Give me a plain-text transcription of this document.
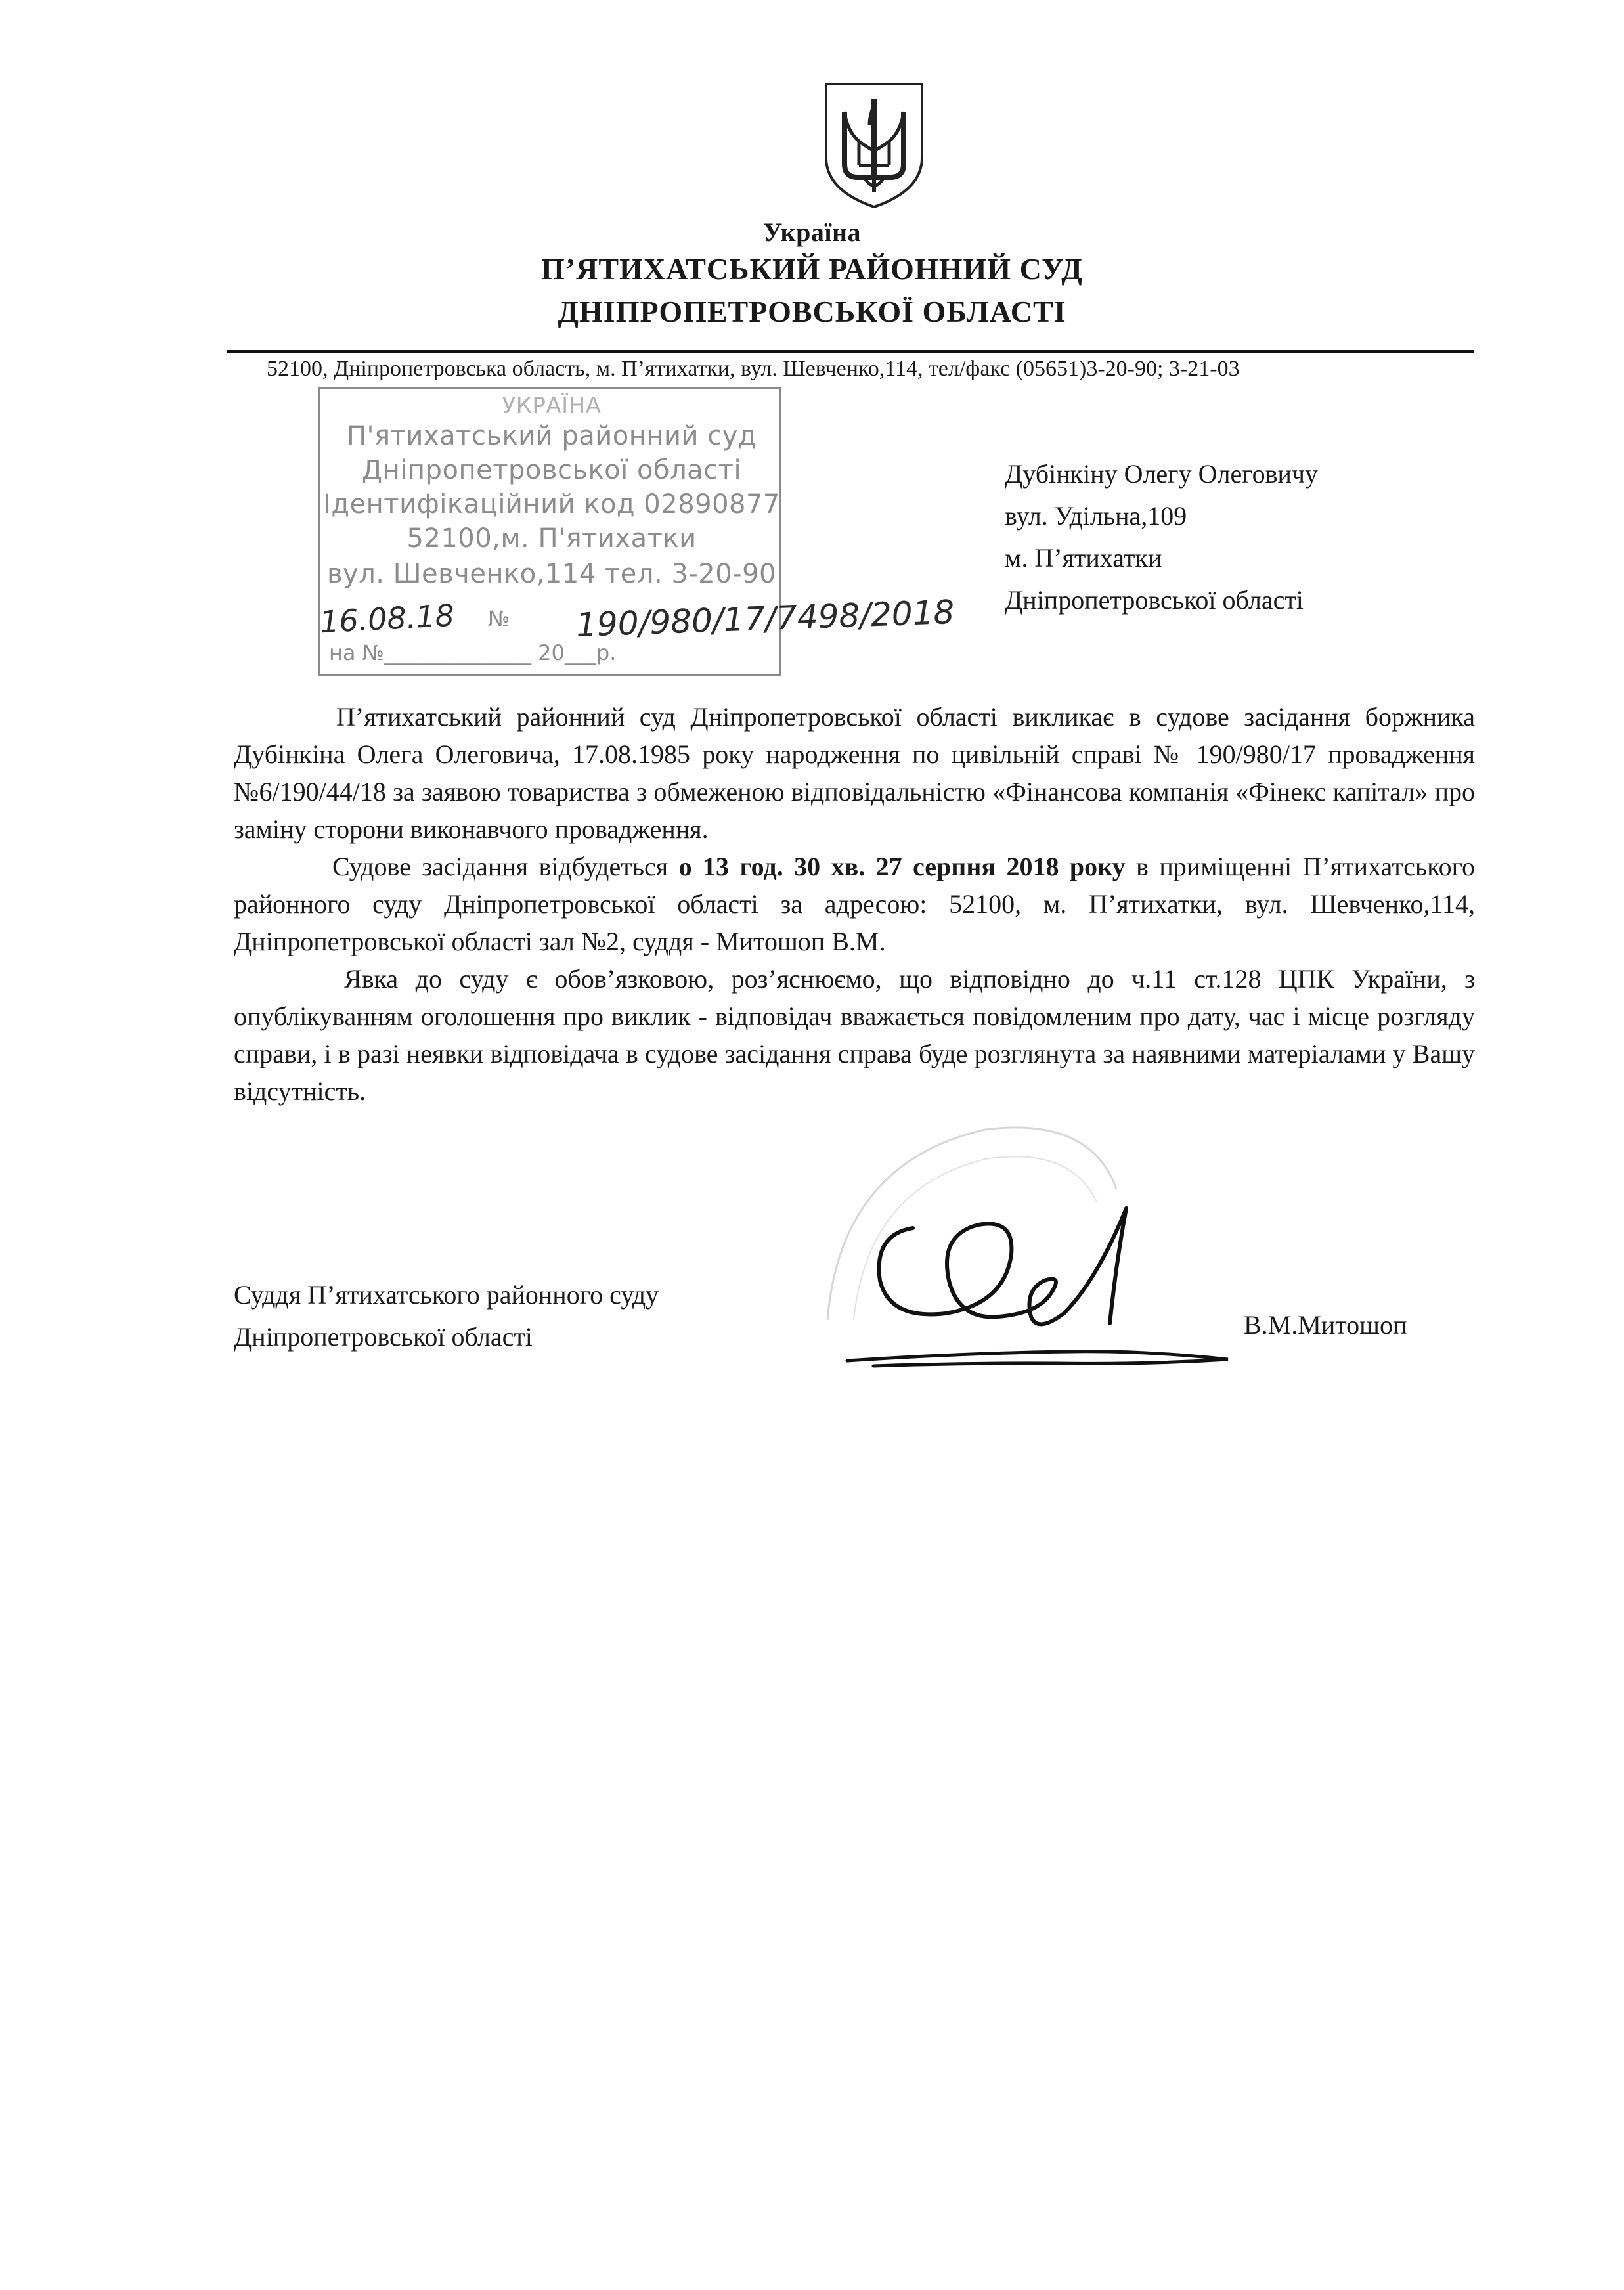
Україна
П’ЯТИХАТСЬКИЙ РАЙОННИЙ СУД
ДНІПРОПЕТРОВСЬКОЇ ОБЛАСТІ
52100, Дніпропетровська область, м. П’ятихатки, вул. Шевченко,114, тел/факс (05651)3-20-90; 3-21-03
УКРАЇНА
П'ятихатський районний суд
Дніпропетровської області
Ідентифікаційний код 02890877
52100,м. П'ятихатки
вул. Шевченко,114 тел. 3-20-90
16.08.18 № 190/980/17/7498/2018
на №______________ 20___р.
Дубінкіну Олегу Олеговичу
вул. Удільна,109
м. П’ятихатки
Дніпропетровської області

П’ятихатський районний суд Дніпропетровської області викликає в судове засідання боржника Дубінкіна Олега Олеговича, 17.08.1985 року народження по цивільній справі № 190/980/17 провадження №6/190/44/18 за заявою товариства з обмеженою відповідальністю «Фінансова компанія «Фінекс капітал» про заміну сторони виконавчого провадження.

Судове засідання відбудеться о 13 год. 30 хв. 27 серпня 2018 року в приміщенні П’ятихатського районного суду Дніпропетровської області за адресою: 52100, м. П’ятихатки, вул. Шевченко,114, Дніпропетровської області зал №2, суддя - Митошоп В.М.

Явка до суду є обов’язковою, роз’яснюємо, що відповідно до ч.11 ст.128 ЦПК України, з опублікуванням оголошення про виклик - відповідач вважається повідомленим про дату, час і місце розгляду справи, і в разі неявки відповідача в судове засідання справа буде розглянута за наявними матеріалами у Вашу відсутність.

Суддя П’ятихатського районного суду
Дніпропетровської області	В.М.Митошоп
